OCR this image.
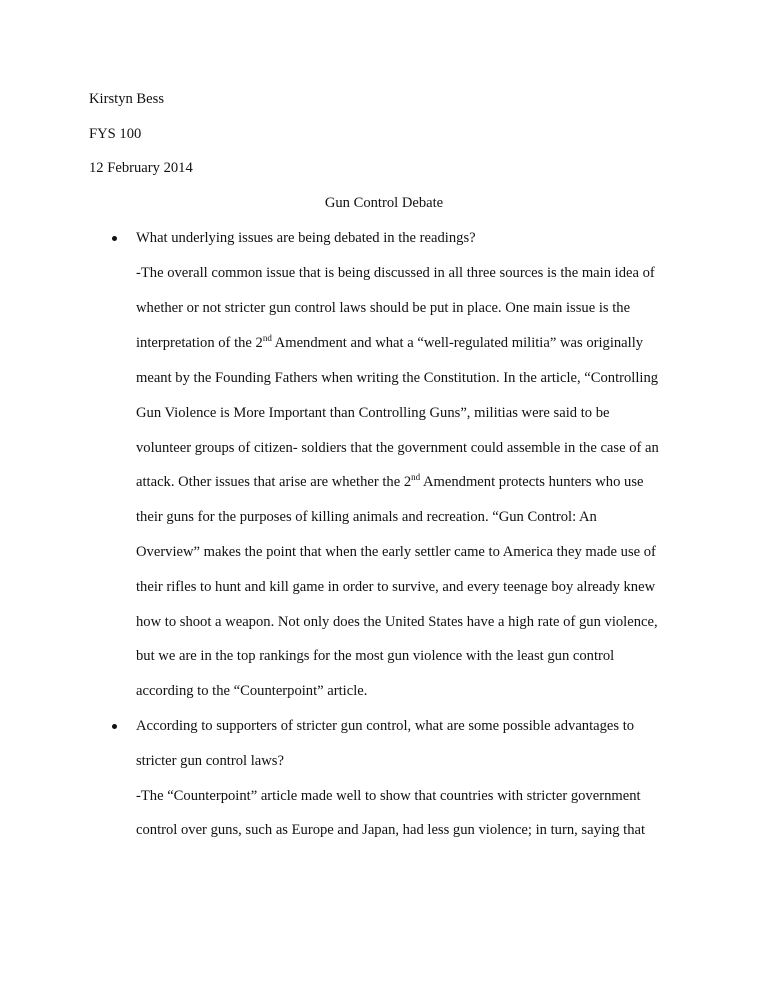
Kirstyn Bess
FYS 100
12 February 2014
Gun Control Debate
What underlying issues are being debated in the readings?
-The overall common issue that is being discussed in all three sources is the main idea of
whether or not stricter gun control laws should be put in place. One main issue is the
interpretation of the 2nd Amendment and what a “well-regulated militia” was originally
meant by the Founding Fathers when writing the Constitution. In the article, “Controlling
Gun Violence is More Important than Controlling Guns”, militias were said to be
volunteer groups of citizen- soldiers that the government could assemble in the case of an
attack. Other issues that arise are whether the 2nd Amendment protects hunters who use
their guns for the purposes of killing animals and recreation. “Gun Control: An
Overview” makes the point that when the early settler came to America they made use of
their rifles to hunt and kill game in order to survive, and every teenage boy already knew
how to shoot a weapon. Not only does the United States have a high rate of gun violence,
but we are in the top rankings for the most gun violence with the least gun control
according to the “Counterpoint” article.
According to supporters of stricter gun control, what are some possible advantages to
stricter gun control laws?
-The “Counterpoint” article made well to show that countries with stricter government
control over guns, such as Europe and Japan, had less gun violence; in turn, saying that
